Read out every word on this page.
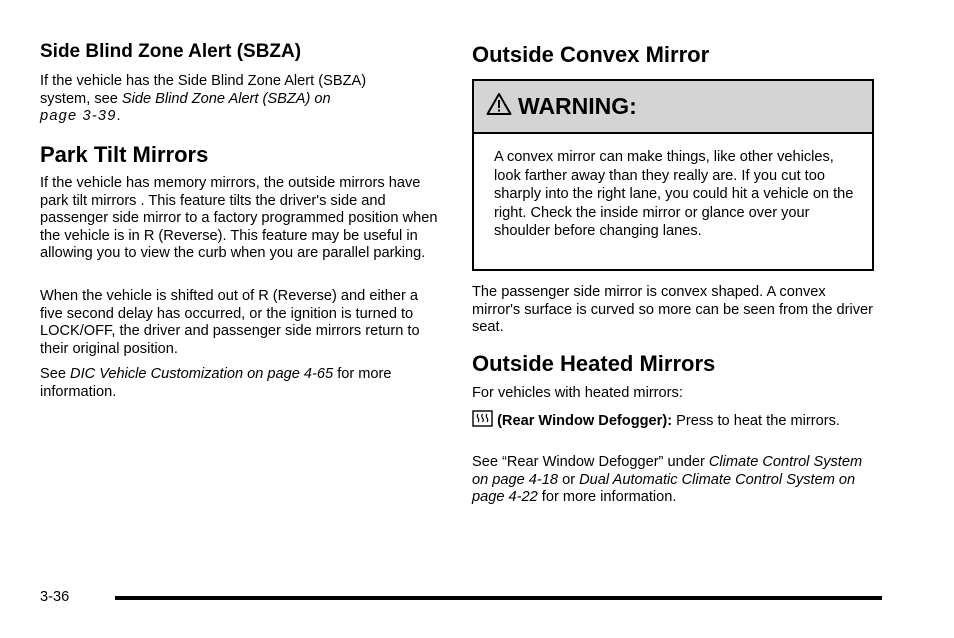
Side Blind Zone Alert (SBZA)
If the vehicle has the Side Blind Zone Alert (SBZA) system, see Side Blind Zone Alert (SBZA) on
page 3-39.
Park Tilt Mirrors
If the vehicle has memory mirrors, the outside mirrors have park tilt mirrors . This feature tilts the driver's side and passenger side mirror to a factory programmed position when the vehicle is in R (Reverse). This feature may be useful in allowing you to view the curb when you are parallel parking.
When the vehicle is shifted out of R (Reverse) and either a five second delay has occurred, or the ignition is turned to LOCK/OFF, the driver and passenger side mirrors return to their original position.
See DIC Vehicle Customization on page 4-65 for more information.
Outside Convex Mirror
WARNING:
A convex mirror can make things, like other vehicles, look farther away than they really are. If you cut too sharply into the right lane, you could hit a vehicle on the right. Check the inside mirror or glance over your shoulder before changing lanes.
The passenger side mirror is convex shaped. A convex mirror's surface is curved so more can be seen from the driver seat.
Outside Heated Mirrors
For vehicles with heated mirrors:
(Rear Window Defogger): Press to heat the mirrors.
See “Rear Window Defogger” under Climate Control System on page 4-18 or Dual Automatic Climate Control System on page 4-22 for more information.
3-36
